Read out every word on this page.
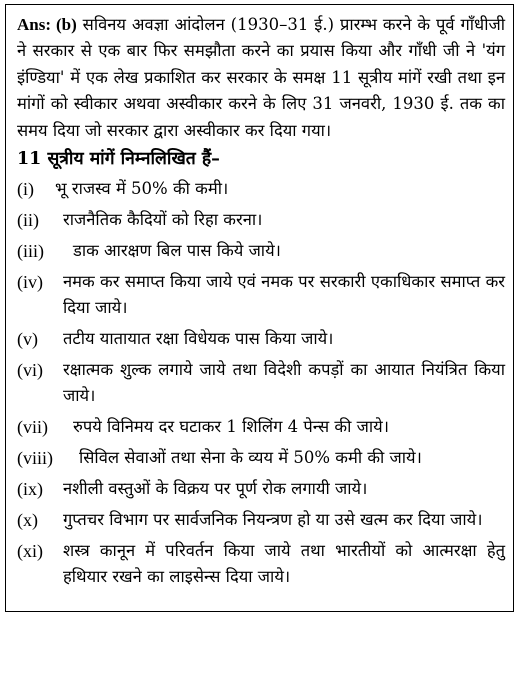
Ans: (b) सविनय अवज्ञा आंदोलन (1930–31 ई.) प्रारम्भ करने के पूर्व गाँधीजी ने सरकार से एक बार फिर समझौता करने का प्रयास किया और गाँधी जी ने 'यंग इंण्डिया' में एक लेख प्रकाशित कर सरकार के समक्ष 11 सूत्रीय मांगें रखी तथा इन मांगों को स्वीकार अथवा अस्वीकार करने के लिए 31 जनवरी, 1930 ई. तक का समय दिया जो सरकार द्वारा अस्वीकार कर दिया गया।

11 सूत्रीय मांगें निम्नलिखित हैं–
(i)	भू राजस्व में 50% की कमी।
(ii)	राजनैतिक कैदियों को रिहा करना।
(iii)	डाक आरक्षण बिल पास किये जाये।
(iv)	नमक कर समाप्त किया जाये एवं नमक पर सरकारी एकाधिकार समाप्त कर दिया जाये।
(v)	तटीय यातायात रक्षा विधेयक पास किया जाये।
(vi)	रक्षात्मक शुल्क लगाये जाये तथा विदेशी कपड़ों का आयात नियंत्रित किया जाये।
(vii)	रुपये विनिमय दर घटाकर 1 शिलिंग 4 पेन्स की जाये।
(viii)	सिविल सेवाओं तथा सेना के व्यय में 50% कमी की जाये।
(ix)	नशीली वस्तुओं के विक्रय पर पूर्ण रोक लगायी जाये।
(x)	गुप्तचर विभाग पर सार्वजनिक नियन्त्रण हो या उसे खत्म कर दिया जाये।
(xi)	शस्त्र कानून में परिवर्तन किया जाये तथा भारतीयों को आत्मरक्षा हेतु हथियार रखने का लाइसेन्स दिया जाये।
